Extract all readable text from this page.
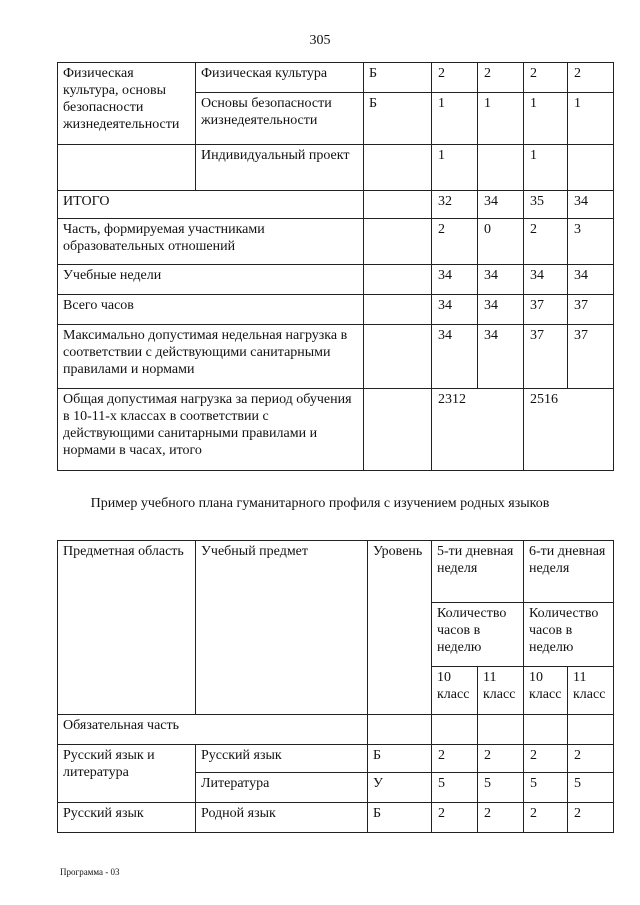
305
Физическая культура, основы безопасности жизнедеятельности	Физическая культура	Б	2	2	2	2
	Основы безопасности жизнедеятельности	Б	1	1	1	1
	Индивидуальный проект		1		1	
ИТОГО			32	34	35	34
Часть, формируемая участниками образовательных отношений			2	0	2	3
Учебные недели			34	34	34	34
Всего часов			34	34	37	37
Максимально допустимая недельная нагрузка в соответствии с действующими санитарными правилами и нормами			34	34	37	37
Общая допустимая нагрузка за период обучения в 10-11-х классах в соответствии с действующими санитарными правилами и нормами в часах, итого			2312		2516	
Пример учебного плана гуманитарного профиля с изучением родных языков
Предметная область	Учебный предмет	Уровень	5-ти дневная неделя		6-ти дневная неделя	
			Количество часов в неделю		Количество часов в неделю	
			10 класс	11 класс	10 класс	11 класс
Обязательная часть						
Русский язык и литература	Русский язык	Б	2	2	2	2
	Литература	У	5	5	5	5
Русский язык	Родной язык	Б	2	2	2	2
Программа - 03
